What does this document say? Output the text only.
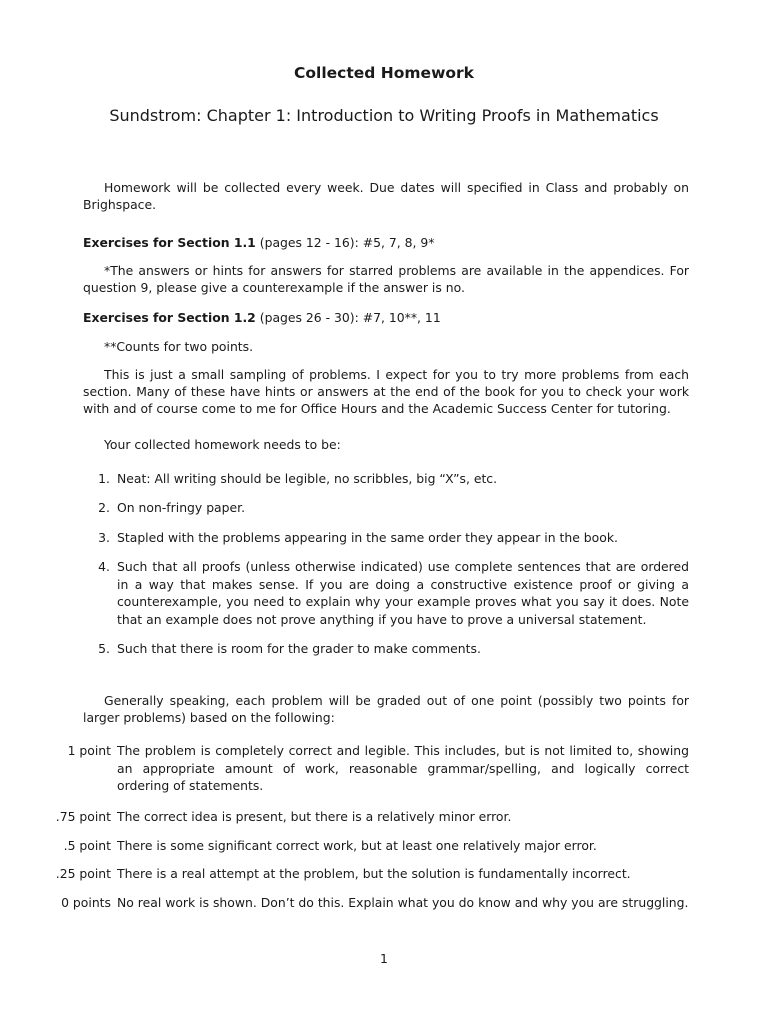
Collected Homework
Sundstrom: Chapter 1: Introduction to Writing Proofs in Mathematics
Homework will be collected every week. Due dates will specified in Class and probably on Brighspace.
Exercises for Section 1.1 (pages 12 - 16): #5, 7, 8, 9*
*The answers or hints for answers for starred problems are available in the appendices. For question 9, please give a counterexample if the answer is no.
Exercises for Section 1.2 (pages 26 - 30): #7, 10**, 11
**Counts for two points.
This is just a small sampling of problems. I expect for you to try more problems from each section. Many of these have hints or answers at the end of the book for you to check your work with and of course come to me for Office Hours and the Academic Success Center for tutoring.
Your collected homework needs to be:
1. Neat: All writing should be legible, no scribbles, big “X”s, etc.
2. On non-fringy paper.
3. Stapled with the problems appearing in the same order they appear in the book.
4. Such that all proofs (unless otherwise indicated) use complete sentences that are ordered in a way that makes sense. If you are doing a constructive existence proof or giving a counterexample, you need to explain why your example proves what you say it does. Note that an example does not prove anything if you have to prove a universal statement.
5. Such that there is room for the grader to make comments.
Generally speaking, each problem will be graded out of one point (possibly two points for larger problems) based on the following:
1 point The problem is completely correct and legible. This includes, but is not limited to, showing an appropriate amount of work, reasonable grammar/spelling, and logically correct ordering of statements.
.75 point The correct idea is present, but there is a relatively minor error.
.5 point There is some significant correct work, but at least one relatively major error.
.25 point There is a real attempt at the problem, but the solution is fundamentally incorrect.
0 points No real work is shown. Don’t do this. Explain what you do know and why you are struggling.
1
